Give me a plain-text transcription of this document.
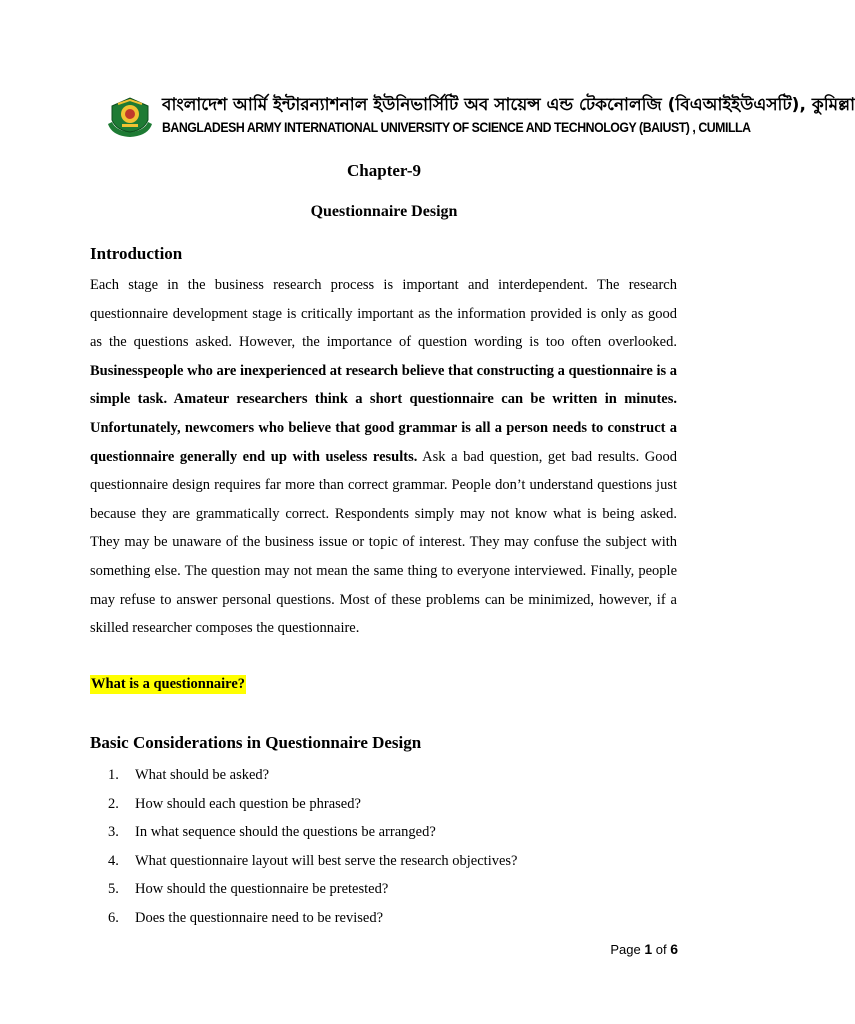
বাংলাদেশ আর্মি ইন্টারন্যাশনাল ইউনিভার্সিটি অব সায়েন্স এন্ড টেকনোলজি (বিএআইইউএসটি), কুমিল্লা
BANGLADESH ARMY INTERNATIONAL UNIVERSITY OF SCIENCE AND TECHNOLOGY (BAIUST) , CUMILLA
Chapter-9
Questionnaire Design
Introduction
Each stage in the business research process is important and interdependent. The research questionnaire development stage is critically important as the information provided is only as good as the questions asked. However, the importance of question wording is too often overlooked. Businesspeople who are inexperienced at research believe that constructing a questionnaire is a simple task. Amateur researchers think a short questionnaire can be written in minutes. Unfortunately, newcomers who believe that good grammar is all a person needs to construct a questionnaire generally end up with useless results. Ask a bad question, get bad results. Good questionnaire design requires far more than correct grammar. People don’t understand questions just because they are grammatically correct. Respondents simply may not know what is being asked. They may be unaware of the business issue or topic of interest. They may confuse the subject with something else. The question may not mean the same thing to everyone interviewed. Finally, people may refuse to answer personal questions. Most of these problems can be minimized, however, if a skilled researcher composes the questionnaire.
What is a questionnaire?
Basic Considerations in Questionnaire Design
1. What should be asked?
2. How should each question be phrased?
3. In what sequence should the questions be arranged?
4. What questionnaire layout will best serve the research objectives?
5. How should the questionnaire be pretested?
6. Does the questionnaire need to be revised?
Page 1 of 6
